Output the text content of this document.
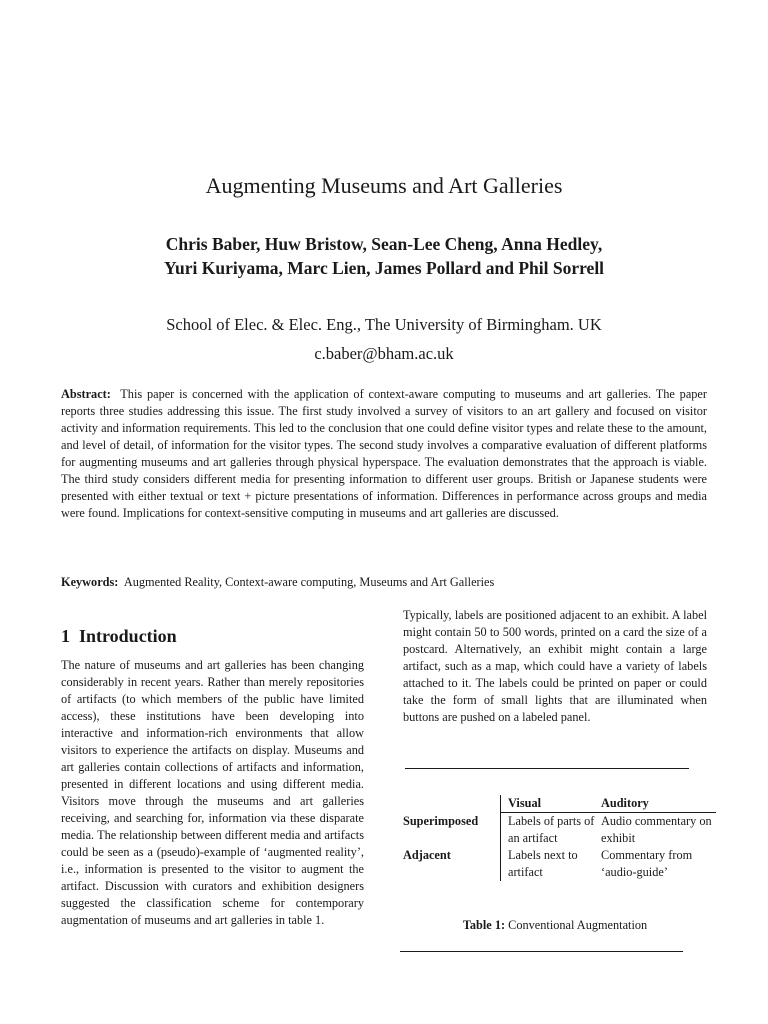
Augmenting Museums and Art Galleries
Chris Baber, Huw Bristow, Sean-Lee Cheng, Anna Hedley,
Yuri Kuriyama, Marc Lien, James Pollard and Phil Sorrell
School of Elec. & Elec. Eng., The University of Birmingham. UK
c.baber@bham.ac.uk
Abstract: This paper is concerned with the application of context-aware computing to museums and art galleries. The paper reports three studies addressing this issue. The first study involved a survey of visitors to an art gallery and focused on visitor activity and information requirements. This led to the conclusion that one could define visitor types and relate these to the amount, and level of detail, of information for the visitor types. The second study involves a comparative evaluation of different platforms for augmenting museums and art galleries through physical hyperspace. The evaluation demonstrates that the approach is viable. The third study considers different media for presenting information to different user groups. British or Japanese students were presented with either textual or text + picture presentations of information. Differences in performance across groups and media were found. Implications for context-sensitive computing in museums and art galleries are discussed.
Keywords: Augmented Reality, Context-aware computing, Museums and Art Galleries
1 Introduction
The nature of museums and art galleries has been changing considerably in recent years. Rather than merely repositories of artifacts (to which members of the public have limited access), these institutions have been developing into interactive and information-rich environments that allow visitors to experience the artifacts on display. Museums and art galleries contain collections of artifacts and information, presented in different locations and using different media. Visitors move through the museums and art galleries receiving, and searching for, information via these disparate media. The relationship between different media and artifacts could be seen as a (pseudo)-example of ‘augmented reality’, i.e., information is presented to the visitor to augment the artifact. Discussion with curators and exhibition designers suggested the classification scheme for contemporary augmentation of museums and art galleries in table 1.
Typically, labels are positioned adjacent to an exhibit. A label might contain 50 to 500 words, printed on a card the size of a postcard. Alternatively, an exhibit might contain a large artifact, such as a map, which could have a variety of labels attached to it. The labels could be printed on paper or could take the form of small lights that are illuminated when buttons are pushed on a labeled panel.
	Visual	Auditory
Superimposed	Labels of parts of an artifact	Audio commentary on exhibit
Adjacent	Labels next to artifact	Commentary from ‘audio-guide’
Table 1: Conventional Augmentation
